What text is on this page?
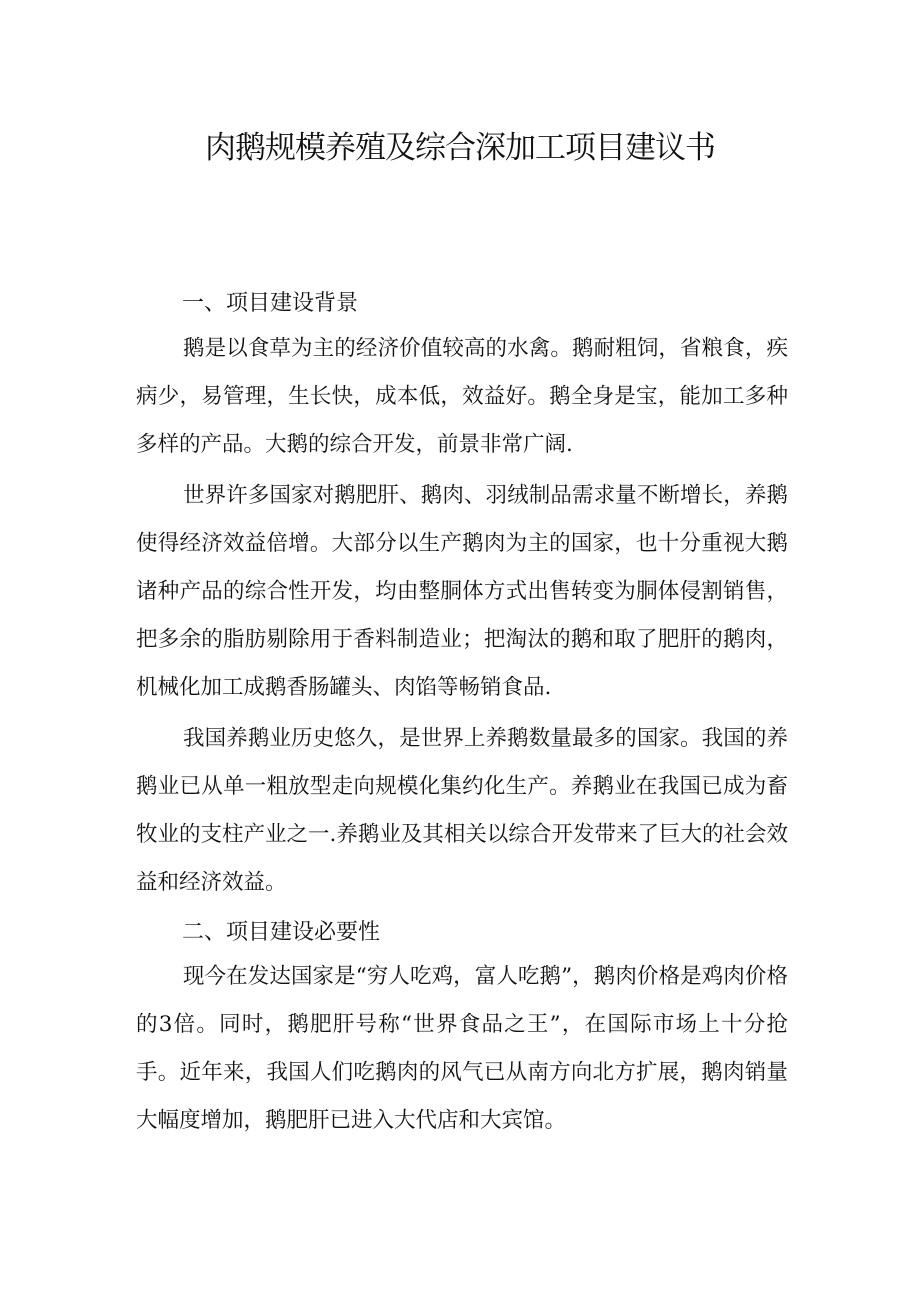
肉鹅规模养殖及综合深加工项目建议书
一、项目建设背景

鹅是以食草为主的经济价值较高的水禽。鹅耐粗饲，省粮食，疾病少，易管理，生长快，成本低，效益好。鹅全身是宝，能加工多种多样的产品。大鹅的综合开发，前景非常广阔.

世界许多国家对鹅肥肝、鹅肉、羽绒制品需求量不断增长，养鹅使得经济效益倍增。大部分以生产鹅肉为主的国家，也十分重视大鹅诸种产品的综合性开发，均由整胴体方式出售转变为胴体侵割销售，把多余的脂肪剔除用于香料制造业；把淘汰的鹅和取了肥肝的鹅肉，机械化加工成鹅香肠罐头、肉馅等畅销食品.

我国养鹅业历史悠久，是世界上养鹅数量最多的国家。我国的养鹅业已从单一粗放型走向规模化集约化生产。养鹅业在我国已成为畜牧业的支柱产业之一.养鹅业及其相关以综合开发带来了巨大的社会效益和经济效益。

二、项目建设必要性

现今在发达国家是“穷人吃鸡，富人吃鹅”，鹅肉价格是鸡肉价格的3倍。同时，鹅肥肝号称“世界食品之王”，在国际市场上十分抢手。近年来，我国人们吃鹅肉的风气已从南方向北方扩展，鹅肉销量大幅度增加，鹅肥肝已进入大代店和大宾馆。
